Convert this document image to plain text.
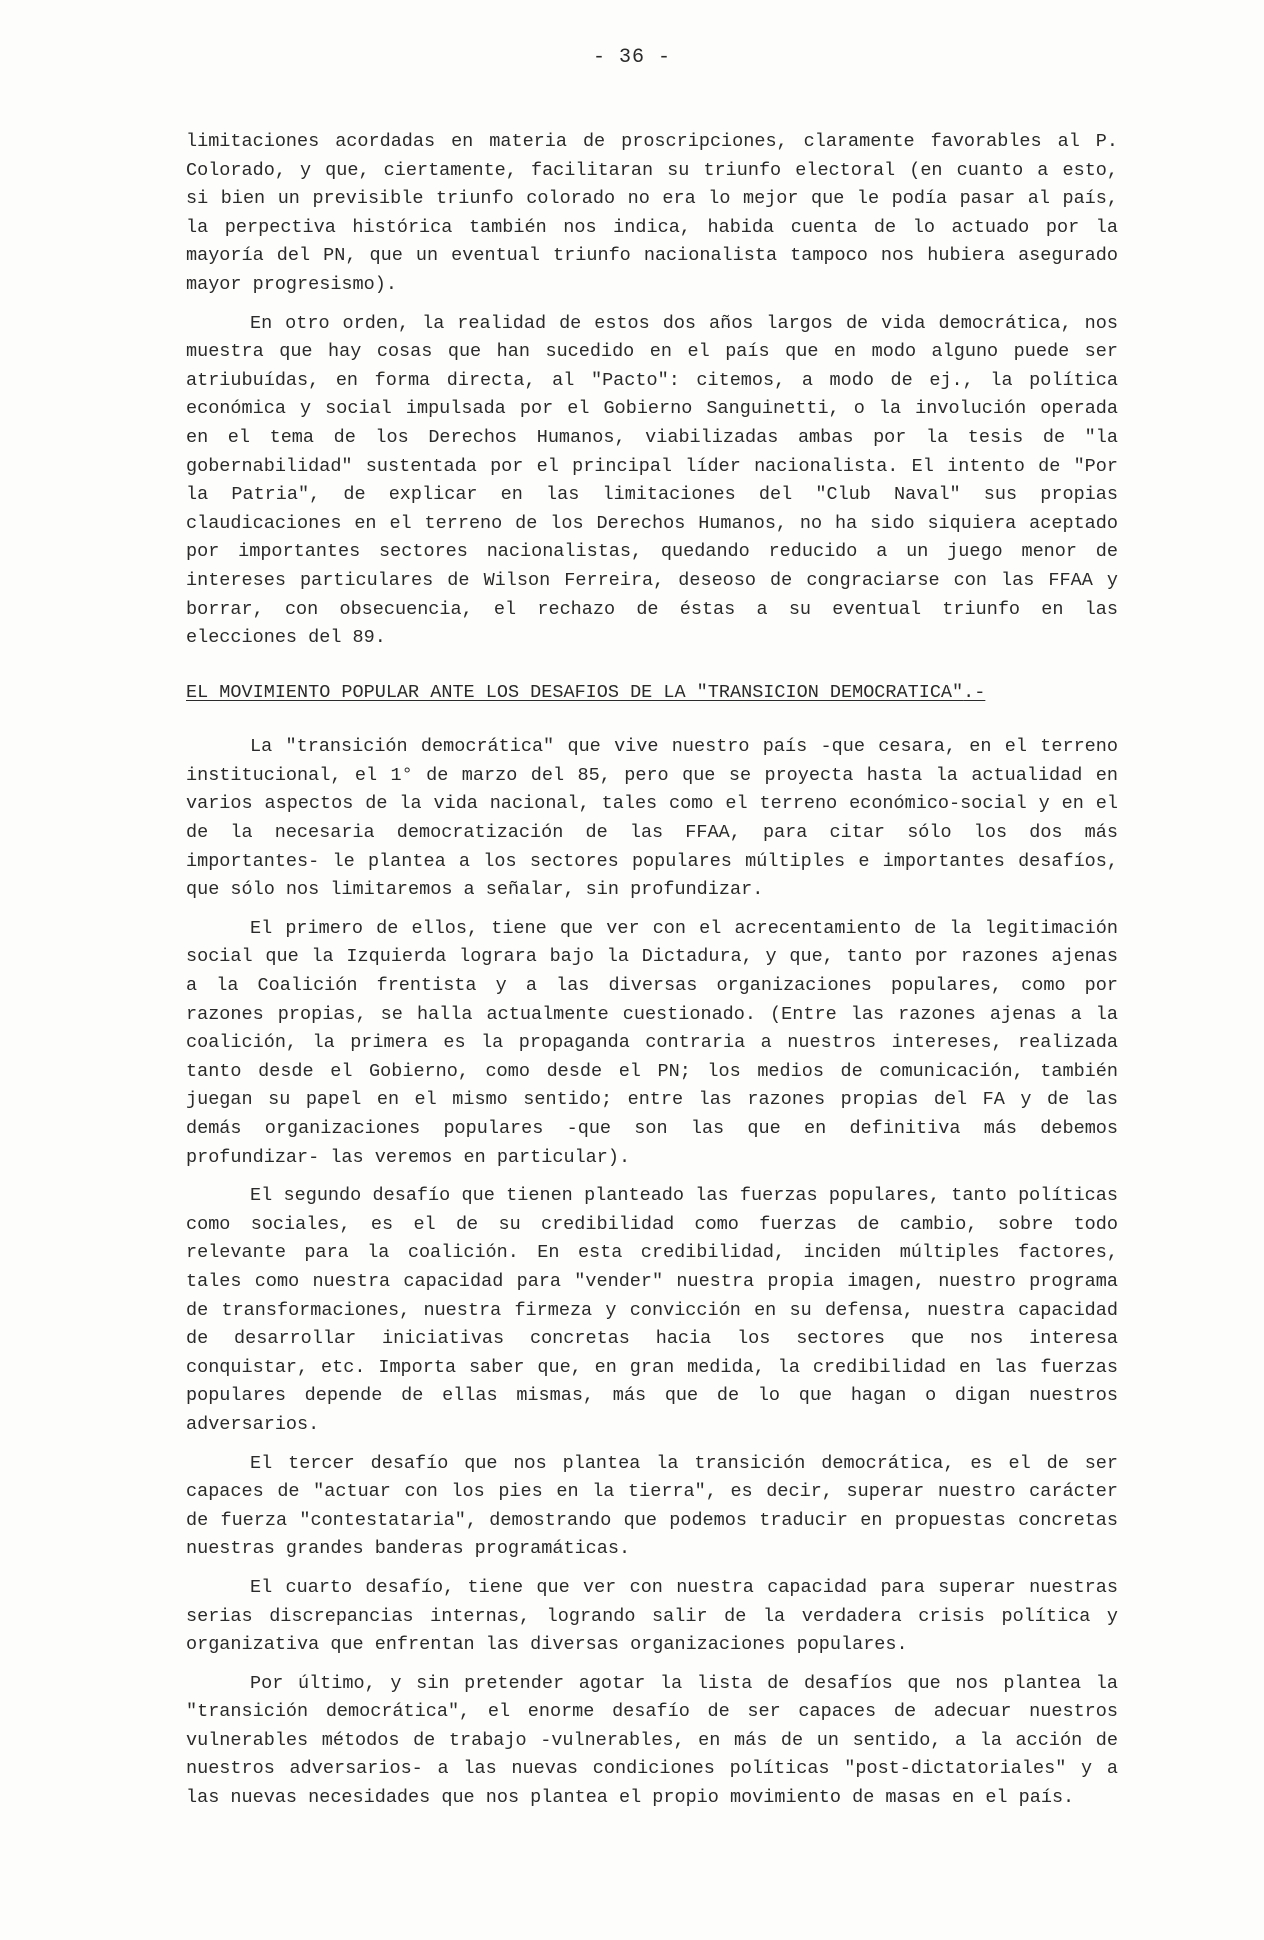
- 36 -

limitaciones acordadas en materia de proscripciones, claramente favorables al P. Colorado, y que, ciertamente, facilitaran su triunfo electoral (en cuanto a esto, si bien un previsible triunfo colorado no era lo mejor que le podía pasar al país, la perpectiva histórica también nos indica, habida cuenta de lo actuado por la mayoría del PN, que un eventual triunfo nacionalista tampoco nos hubiera asegurado mayor progresismo).

En otro orden, la realidad de estos dos años largos de vida democrática, nos muestra que hay cosas que han sucedido en el país que en modo alguno puede ser atriubuídas, en forma directa, al "Pacto": citemos, a modo de ej., la política económica y social impulsada por el Gobierno Sanguinetti, o la involución operada en el tema de los Derechos Humanos, viabilizadas ambas por la tesis de "la gobernabilidad" sustentada por el principal líder nacionalista. El intento de "Por la Patria", de explicar en las limitaciones del "Club Naval" sus propias claudicaciones en el terreno de los Derechos Humanos, no ha sido siquiera aceptado por importantes sectores nacionalistas, quedando reducido a un juego menor de intereses particulares de Wilson Ferreira, deseoso de congraciarse con las FFAA y borrar, con obsecuencia, el rechazo de éstas a su eventual triunfo en las elecciones del 89.

EL MOVIMIENTO POPULAR ANTE LOS DESAFIOS DE LA "TRANSICION DEMOCRATICA".-

La "transición democrática" que vive nuestro país -que cesara, en el terreno institucional, el 1° de marzo del 85, pero que se proyecta hasta la actualidad en varios aspectos de la vida nacional, tales como el terreno económico-social y en el de la necesaria democratización de las FFAA, para citar sólo los dos más importantes- le plantea a los sectores populares múltiples e importantes desafíos, que sólo nos limitaremos a señalar, sin profundizar.

El primero de ellos, tiene que ver con el acrecentamiento de la legitimación social que la Izquierda lograra bajo la Dictadura, y que, tanto por razones ajenas a la Coalición frentista y a las diversas organizaciones populares, como por razones propias, se halla actualmente cuestionado. (Entre las razones ajenas a la coalición, la primera es la propaganda contraria a nuestros intereses, realizada tanto desde el Gobierno, como desde el PN; los medios de comunicación, también juegan su papel en el mismo sentido; entre las razones propias del FA y de las demás organizaciones populares -que son las que en definitiva más debemos profundizar- las veremos en particular).

El segundo desafío que tienen planteado las fuerzas populares, tanto políticas como sociales, es el de su credibilidad como fuerzas de cambio, sobre todo relevante para la coalición. En esta credibilidad, inciden múltiples factores, tales como nuestra capacidad para "vender" nuestra propia imagen, nuestro programa de transformaciones, nuestra firmeza y convicción en su defensa, nuestra capacidad de desarrollar iniciativas concretas hacia los sectores que nos interesa conquistar, etc. Importa saber que, en gran medida, la credibilidad en las fuerzas populares depende de ellas mismas, más que de lo que hagan o digan nuestros adversarios.

El tercer desafío que nos plantea la transición democrática, es el de ser capaces de "actuar con los pies en la tierra", es decir, superar nuestro carácter de fuerza "contestataria", demostrando que podemos traducir en propuestas concretas nuestras grandes banderas programáticas.

El cuarto desafío, tiene que ver con nuestra capacidad para superar nuestras serias discrepancias internas, logrando salir de la verdadera crisis política y organizativa que enfrentan las diversas organizaciones populares.

Por último, y sin pretender agotar la lista de desafíos que nos plantea la "transición democrática", el enorme desafío de ser capaces de adecuar nuestros vulnerables métodos de trabajo -vulnerables, en más de un sentido, a la acción de nuestros adversarios- a las nuevas condiciones políticas "post-dictatoriales" y a las nuevas necesidades que nos plantea el propio movimiento de masas en el país.
